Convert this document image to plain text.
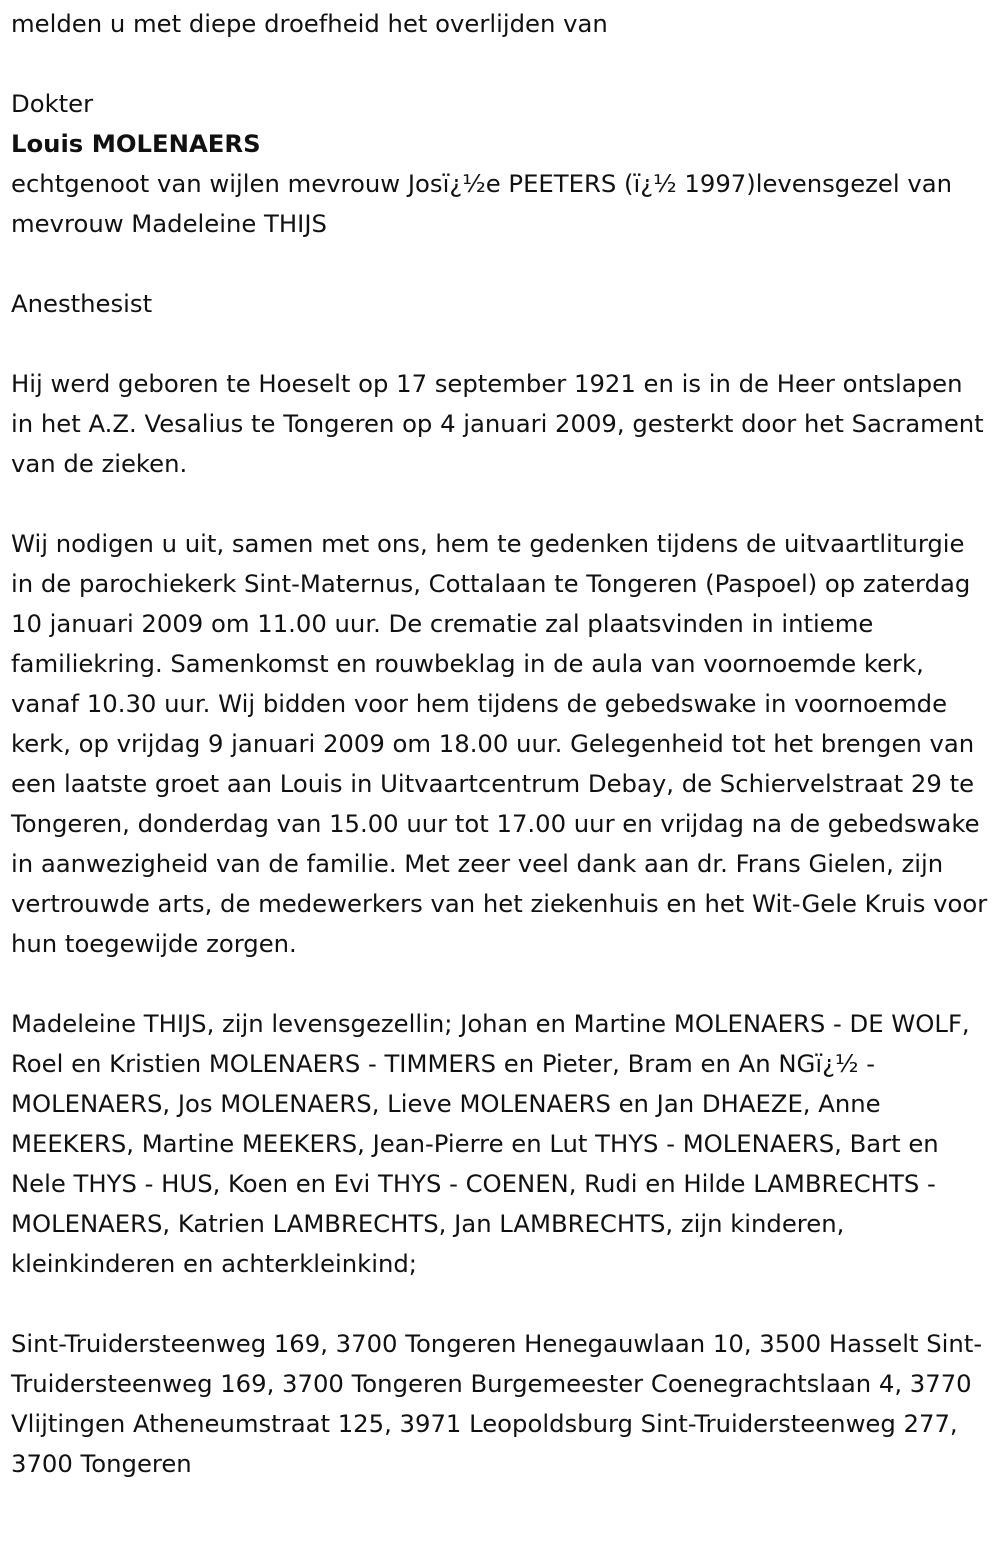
melden u met diepe droefheid het overlijden van

Dokter

Louis MOLENAERS

echtgenoot van wijlen mevrouw Josï¿½e PEETERS (ï¿½ 1997)levensgezel van mevrouw Madeleine THIJS

Anesthesist

Hij werd geboren te Hoeselt op 17 september 1921 en is in de Heer ontslapen in het A.Z. Vesalius te Tongeren op 4 januari 2009, gesterkt door het Sacrament van de zieken.

Wij nodigen u uit, samen met ons, hem te gedenken tijdens de uitvaartliturgie in de parochiekerk Sint-Maternus, Cottalaan te Tongeren (Paspoel) op zaterdag 10 januari 2009 om 11.00 uur. De crematie zal plaatsvinden in intieme familiekring. Samenkomst en rouwbeklag in de aula van voornoemde kerk, vanaf 10.30 uur. Wij bidden voor hem tijdens de gebedswake in voornoemde kerk, op vrijdag 9 januari 2009 om 18.00 uur. Gelegenheid tot het brengen van een laatste groet aan Louis in Uitvaartcentrum Debay, de Schiervelstraat 29 te Tongeren, donderdag van 15.00 uur tot 17.00 uur en vrijdag na de gebedswake in aanwezigheid van de familie. Met zeer veel dank aan dr. Frans Gielen, zijn vertrouwde arts, de medewerkers van het ziekenhuis en het Wit-Gele Kruis voor hun toegewijde zorgen.

Madeleine THIJS, zijn levensgezellin; Johan en Martine MOLENAERS - DE WOLF, Roel en Kristien MOLENAERS - TIMMERS en Pieter, Bram en An NGï¿½ - MOLENAERS, Jos MOLENAERS, Lieve MOLENAERS en Jan DHAEZE, Anne MEEKERS, Martine MEEKERS, Jean-Pierre en Lut THYS - MOLENAERS, Bart en Nele THYS - HUS, Koen en Evi THYS - COENEN, Rudi en Hilde LAMBRECHTS - MOLENAERS, Katrien LAMBRECHTS, Jan LAMBRECHTS, zijn kinderen, kleinkinderen en achterkleinkind;

Sint-Truidersteenweg 169, 3700 Tongeren Henegauwlaan 10, 3500 Hasselt Sint-Truidersteenweg 169, 3700 Tongeren Burgemeester Coenegrachtslaan 4, 3770 Vlijtingen Atheneumstraat 125, 3971 Leopoldsburg Sint-Truidersteenweg 277, 3700 Tongeren
